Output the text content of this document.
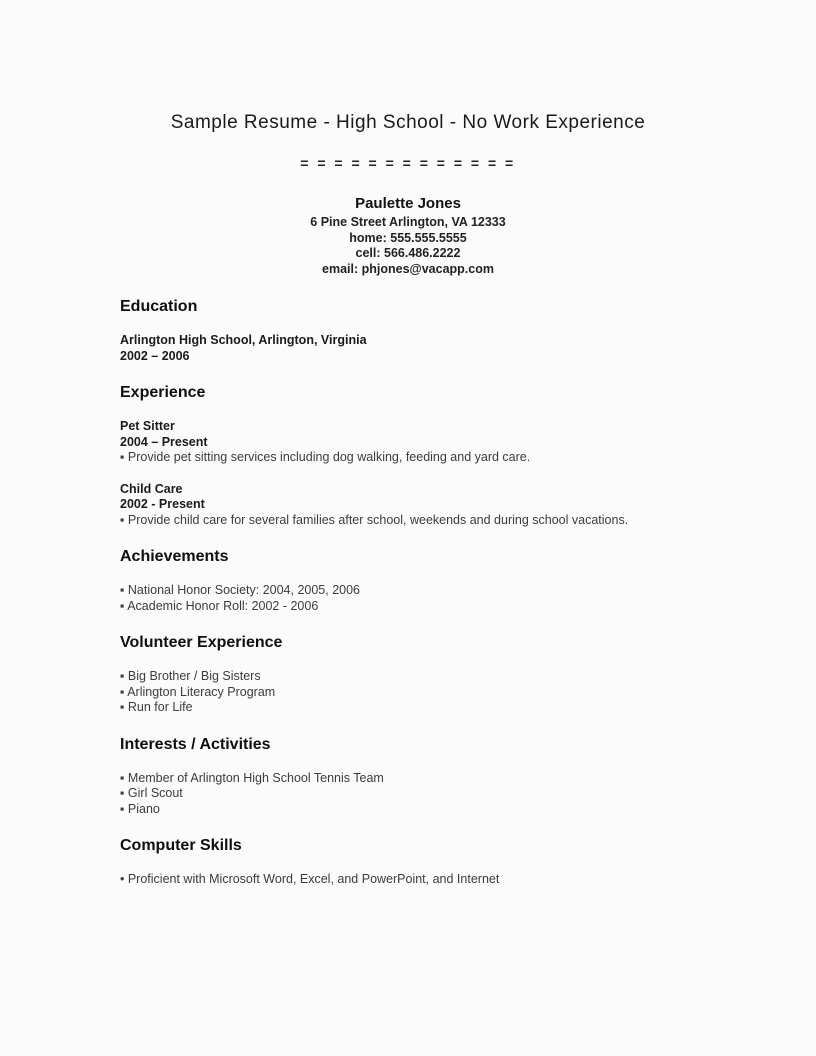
Sample Resume - High School - No Work Experience
= = = = = = = = = = = = =
Paulette Jones
6 Pine Street Arlington, VA 12333
home: 555.555.5555
cell: 566.486.2222
email: phjones@vacapp.com
Education
Arlington High School, Arlington, Virginia
2002 – 2006
Experience
Pet Sitter
2004 – Present
▪ Provide pet sitting services including dog walking, feeding and yard care.
Child Care
2002 - Present
▪ Provide child care for several families after school, weekends and during school vacations.
Achievements
▪ National Honor Society: 2004, 2005, 2006
▪ Academic Honor Roll: 2002 - 2006
Volunteer Experience
▪ Big Brother / Big Sisters
▪ Arlington Literacy Program
▪ Run for Life
Interests / Activities
▪ Member of Arlington High School Tennis Team
▪ Girl Scout
▪ Piano
Computer Skills
• Proficient with Microsoft Word, Excel, and PowerPoint, and Internet
